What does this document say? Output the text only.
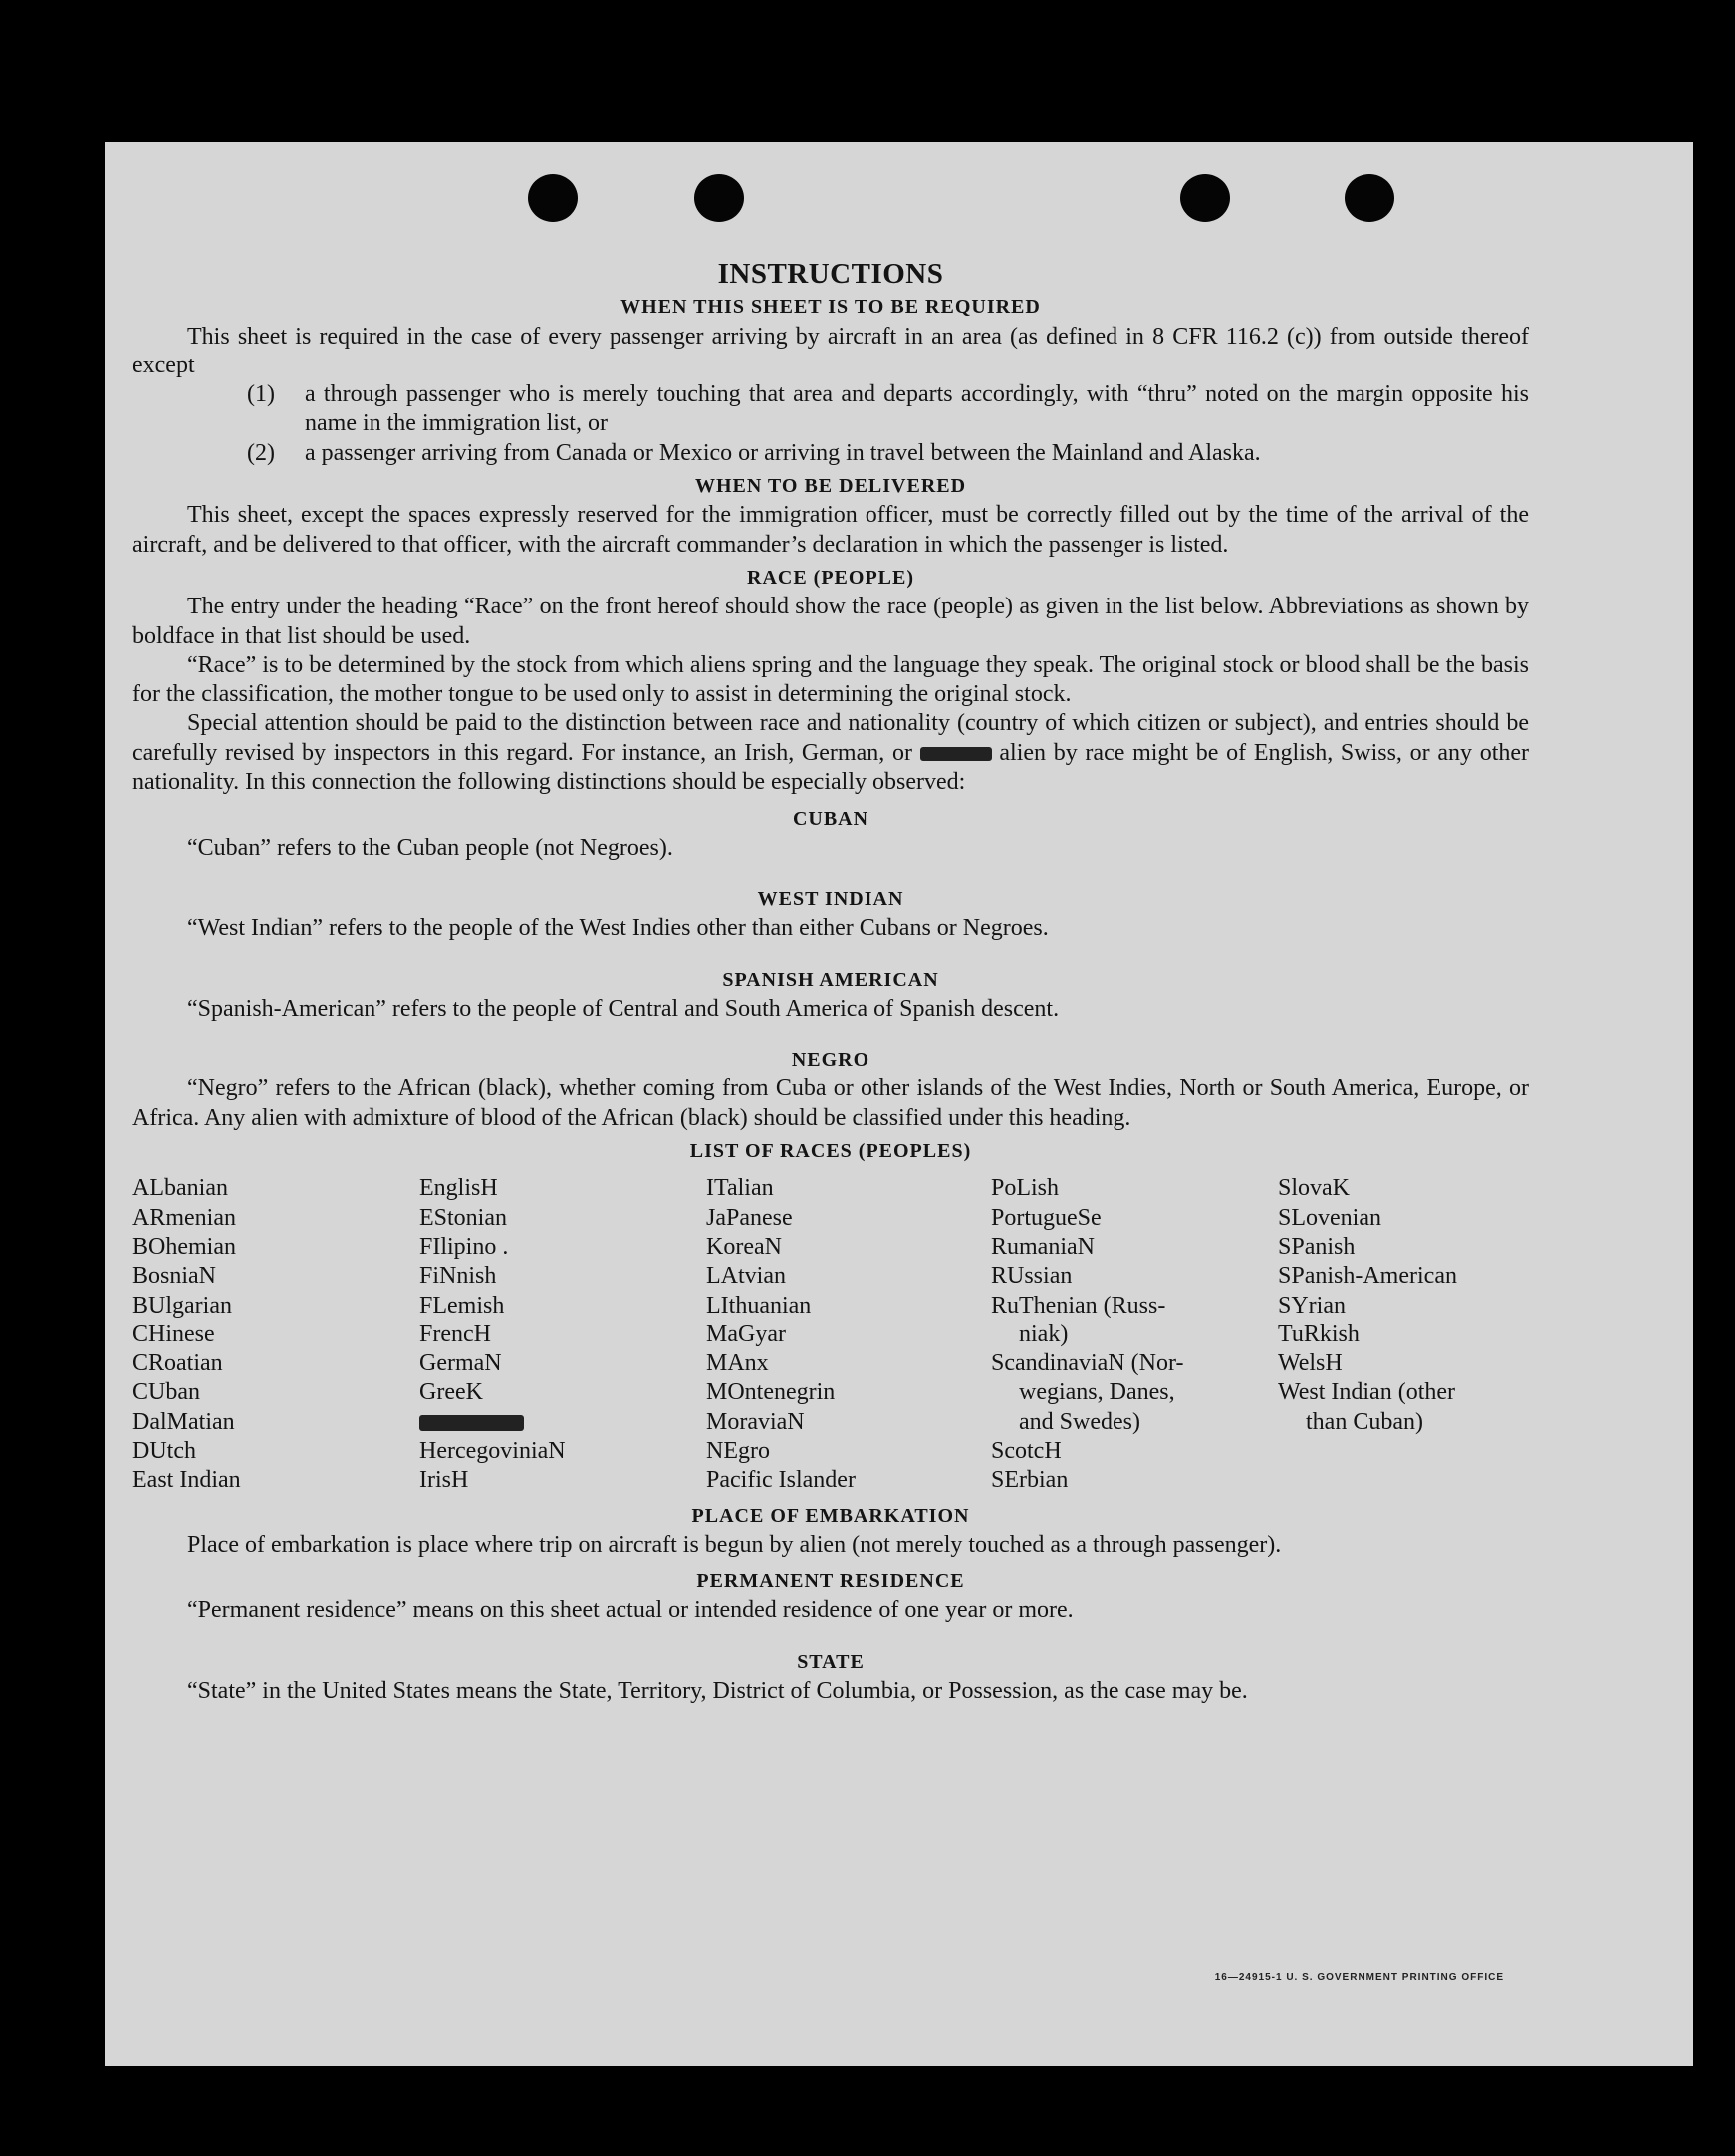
INSTRUCTIONS
WHEN THIS SHEET IS TO BE REQUIRED

This sheet is required in the case of every passenger arriving by aircraft in an area (as defined in 8 CFR 116.2 (c)) from outside thereof except

(1)	a through passenger who is merely touching that area and departs accordingly, with “thru” noted on the margin opposite his name in the immigration list, or
(2)	a passenger arriving from Canada or Mexico or arriving in travel between the Mainland and Alaska.
WHEN TO BE DELIVERED

This sheet, except the spaces expressly reserved for the immigration officer, must be correctly filled out by the time of the arrival of the aircraft, and be delivered to that officer, with the aircraft commander’s declaration in which the passenger is listed.

RACE (PEOPLE)

The entry under the heading “Race” on the front hereof should show the race (people) as given in the list below. Abbreviations as shown by boldface in that list should be used.

“Race” is to be determined by the stock from which aliens spring and the language they speak. The original stock or blood shall be the basis for the classification, the mother tongue to be used only to assist in determining the original stock.

Special attention should be paid to the distinction between race and nationality (country of which citizen or subject), and entries should be carefully revised by inspectors in this regard. For instance, an Irish, German, or	alien by race might be of English, Swiss, or any other nationality. In this connection the following distinctions should be especially observed:

CUBAN

“Cuban” refers to the Cuban people (not Negroes).

WEST INDIAN

“West Indian” refers to the people of the West Indies other than either Cubans or Negroes.

SPANISH AMERICAN

“Spanish-American” refers to the people of Central and South America of Spanish descent.

NEGRO

“Negro” refers to the African (black), whether coming from Cuba or other islands of the West Indies, North or South America, Europe, or Africa. Any alien with admixture of blood of the African (black) should be classified under this heading.

LIST OF RACES (PEOPLES)
ALbanian
ARmenian
BOhemian
BosniaN
BUlgarian
CHinese
CRoatian
CUban
DalMatian
DUtch
East Indian
EnglisH
EStonian
FIlipino .
FiNnish
FLemish
FrencH
GermaN
GreeK
HercegoviniaN
IrisH
ITalian
JaPanese
KoreaN
LAtvian
LIthuanian
MaGyar
MAnx
MOntenegrin
MoraviaN
NEgro
Pacific Islander
PoLish
PortugueSe
RumaniaN
RUssian
RuThenian (Russ-
niak)
ScandinaviaN (Nor-
wegians, Danes,
and Swedes)
ScotcH
SErbian
SlovaK
SLovenian
SPanish
SPanish-American
SYrian
TuRkish
WelsH
West Indian (other
than Cuban)
PLACE OF EMBARKATION

Place of embarkation is place where trip on aircraft is begun by alien (not merely touched as a through passenger).

PERMANENT RESIDENCE

“Permanent residence” means on this sheet actual or intended residence of one year or more.

STATE

“State” in the United States means the State, Territory, District of Columbia, or Possession, as the case may be.

16—24915-1 U. S. GOVERNMENT PRINTING OFFICE
